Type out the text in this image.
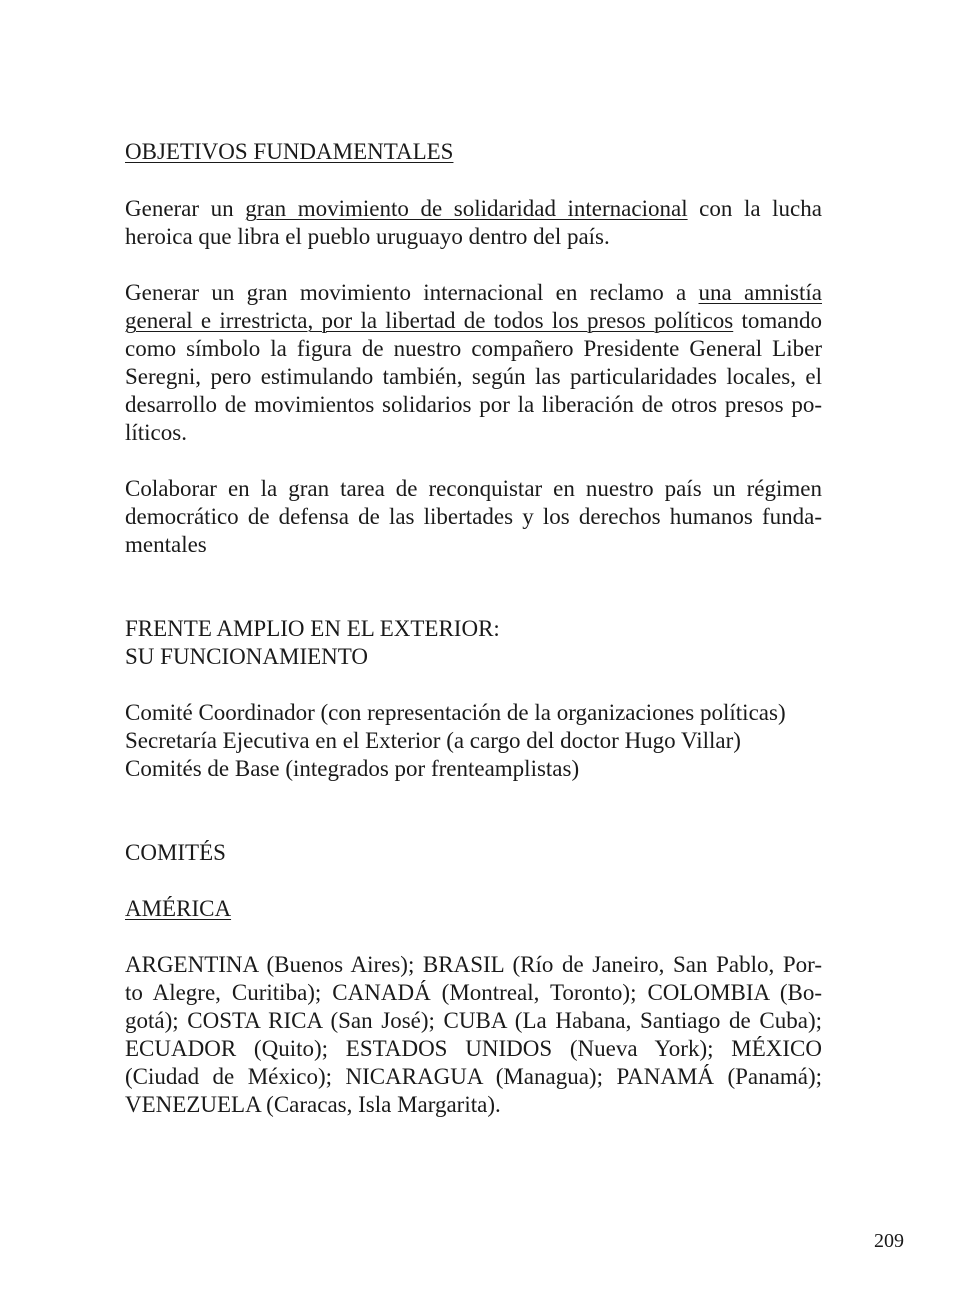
OBJETIVOS FUNDAMENTALES

Generar un gran movimiento de solidaridad internacional con la lucha

heroica que libra el pueblo uruguayo dentro del país.

Generar un gran movimiento internacional en reclamo a una amnistía

general e irrestricta, por la libertad de todos los presos políticos tomando

como símbolo la figura de nuestro compañero Presidente General Liber

Seregni, pero estimulando también, según las particularidades locales, el

desarrollo de movimientos solidarios por la liberación de otros presos po-

líticos.

Colaborar en la gran tarea de reconquistar en nuestro país un régimen

democrático de defensa de las libertades y los derechos humanos funda-

mentales

FRENTE AMPLIO EN EL EXTERIOR:

SU FUNCIONAMIENTO

Comité Coordinador (con representación de la organizaciones políticas)

Secretaría Ejecutiva en el Exterior (a cargo del doctor Hugo Villar)

Comités de Base (integrados por frenteamplistas)

COMITÉS

AMÉRICA

ARGENTINA (Buenos Aires); BRASIL (Río de Janeiro, San Pablo, Por-

to Alegre, Curitiba); CANADÁ (Montreal, Toronto); COLOMBIA (Bo-

gotá); COSTA RICA (San José); CUBA (La Habana, Santiago de Cuba);

ECUADOR (Quito); ESTADOS UNIDOS (Nueva York); MÉXICO

(Ciudad de México); NICARAGUA (Managua); PANAMÁ (Panamá);

VENEZUELA (Caracas, Isla Margarita).

209
